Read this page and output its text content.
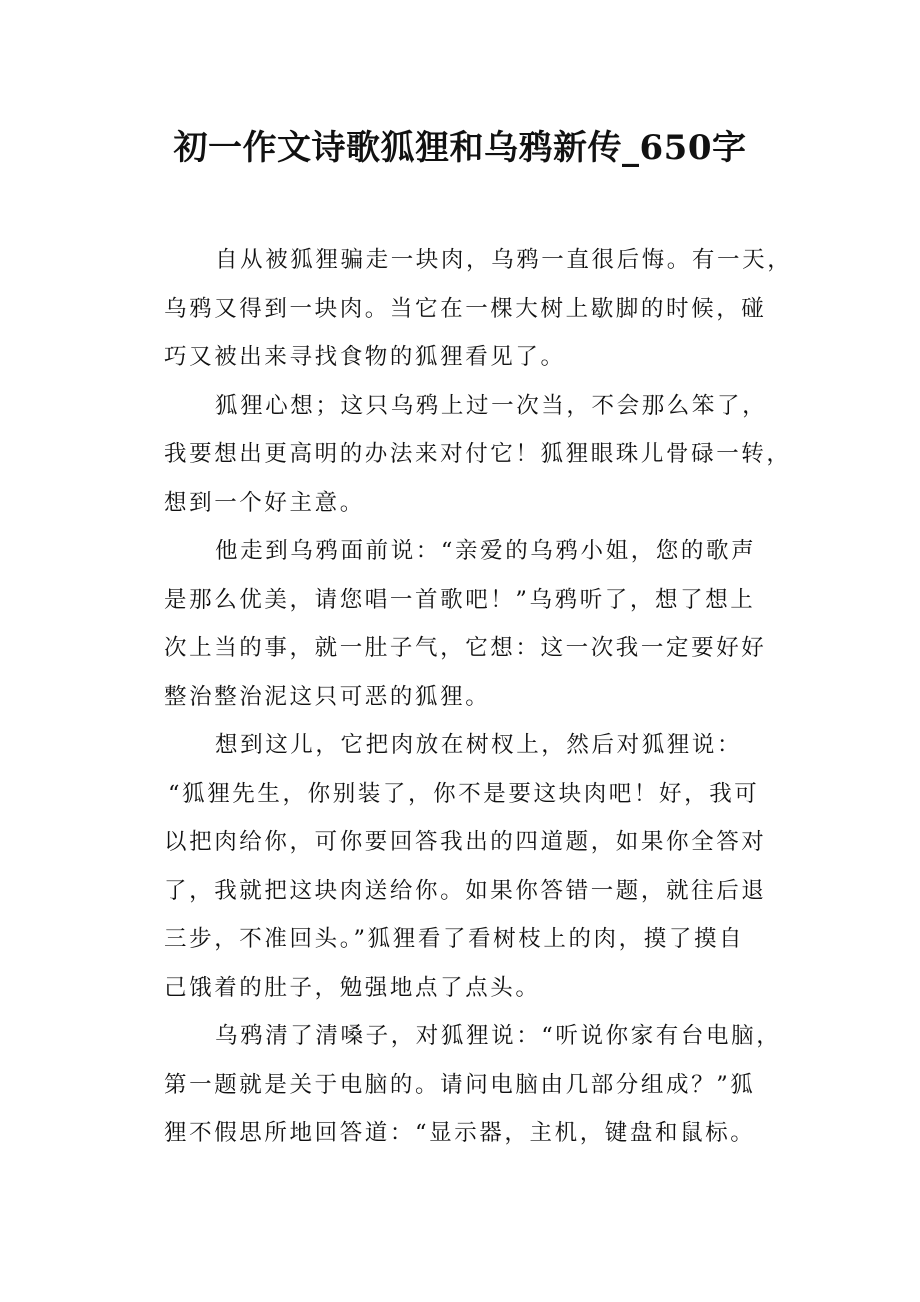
初一作文诗歌狐狸和乌鸦新传_650字

自从被狐狸骗走一块肉，乌鸦一直很后悔。有一天，
乌鸦又得到一块肉。当它在一棵大树上歇脚的时候，碰
巧又被出来寻找食物的狐狸看见了。

狐狸心想；这只乌鸦上过一次当，不会那么笨了，
我要想出更高明的办法来对付它！狐狸眼珠儿骨碌一转，
想到一个好主意。

他走到乌鸦面前说：“亲爱的乌鸦小姐，您的歌声
是那么优美，请您唱一首歌吧！”乌鸦听了，想了想上
次上当的事，就一肚子气，它想：这一次我一定要好好
整治整治泥这只可恶的狐狸。

想到这儿，它把肉放在树杈上，然后对狐狸说：
“狐狸先生，你别装了，你不是要这块肉吧！好，我可
以把肉给你，可你要回答我出的四道题，如果你全答对
了，我就把这块肉送给你。如果你答错一题，就往后退
三步，不准回头。”狐狸看了看树枝上的肉，摸了摸自
己饿着的肚子，勉强地点了点头。

乌鸦清了清嗓子，对狐狸说：“听说你家有台电脑，
第一题就是关于电脑的。请问电脑由几部分组成？”狐
狸不假思所地回答道：“显示器，主机，键盘和鼠标。
